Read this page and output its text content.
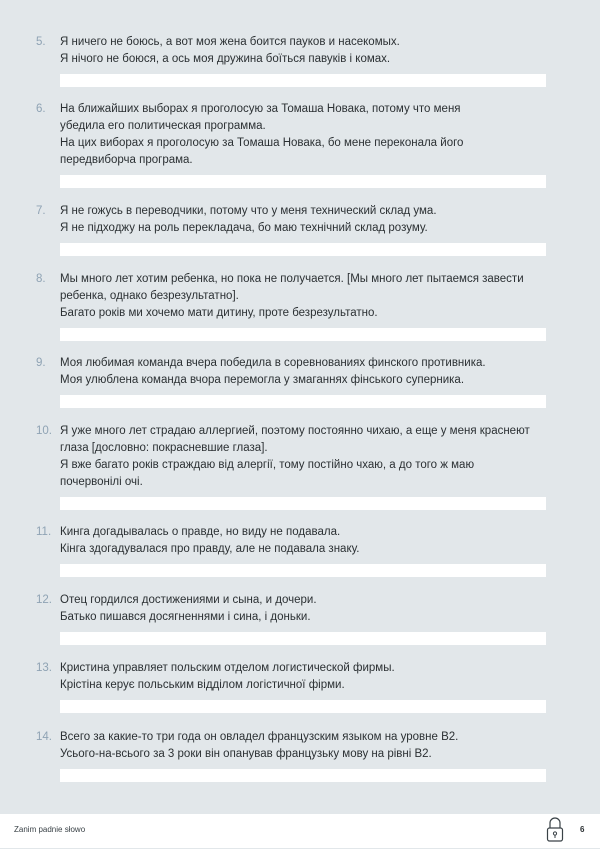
5. Я ничего не боюсь, а вот моя жена боится пауков и насекомых.
Я нічого не боюся, а ось моя дружина боїться павуків і комах.
6. На ближайших выборах я проголосую за Томаша Новака, потому что меня
убедила его политическая программа.
На цих виборах я проголосую за Томаша Новака, бо мене переконала його
передвиборча програма.
7. Я не гожусь в переводчики, потому что у меня технический склад ума.
Я не підходжу на роль перекладача, бо маю технічний склад розуму.
8. Мы много лет хотим ребенка, но пока не получается. [Мы много лет пытаемся завести
ребенка, однако безрезультатно].
Багато років ми хочемо мати дитину, проте безрезультатно.
9. Моя любимая команда вчера победила в соревнованиях финского противника.
Моя улюблена команда вчора перемогла у змаганнях фінського суперника.
10. Я уже много лет страдаю аллергией, поэтому постоянно чихаю, а еще у меня краснеют
глаза [дословно: покрасневшие глаза].
Я вже багато років страждаю від алергії, тому постійно чхаю, а до того ж маю
почервонілі очі.
11. Кинга догадывалась о правде, но виду не подавала.
Кінга здогадувалася про правду, але не подавала знаку.
12. Отец гордился достижениями и сына, и дочери.
Батько пишався досягненнями і сина, і доньки.
13. Кристина управляет польским отделом логистической фирмы.
Крістіна керує польським відділом логістичної фірми.
14. Всего за какие-то три года он овладел французским языком на уровне B2.
Усього-на-всього за 3 роки він опанував французьку мову на рівні B2.
Zanim padnie słowo	6
